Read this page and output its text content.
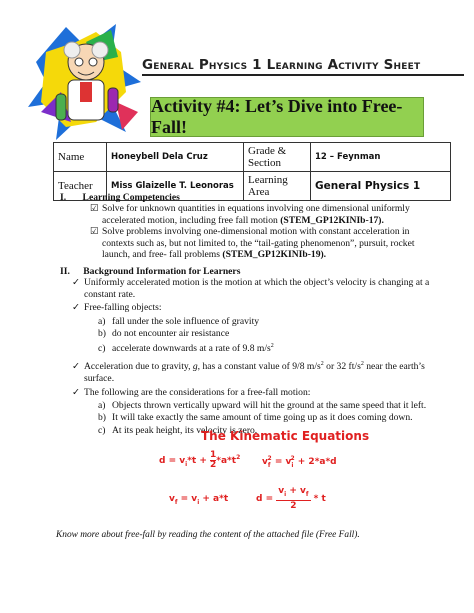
General Physics 1 Learning Activity Sheet
Activity #4: Let’s Dive into Free-Fall!
Name	Honeybell Dela Cruz	Grade & Section	12 – Feynman
Teacher	Miss Glaizelle T. Leonoras	Learning Area	General Physics 1
I. Learning Competencies
☑ Solve for unknown quantities in equations involving one dimensional uniformly
accelerated motion, including free fall motion (STEM_GP12KINIb-17).
☑ Solve problems involving one-dimensional motion with constant acceleration in
contexts such as, but not limited to, the “tail-gating phenomenon”, pursuit, rocket
launch, and free- fall problems (STEM_GP12KINIb-19).
II. Background Information for Learners
✓ Uniformly accelerated motion is the motion at which the object’s velocity is changing at a
constant rate.
✓ Free-falling objects:
a) fall under the sole influence of gravity
b) do not encounter air resistance
c) accelerate downwards at a rate of 9.8 $m/s^2$
✓ Acceleration due to gravity, g, has a constant value of 9/8 $m/s^2$ or 32 $ft/s^2$ near the earth’s
surface.
✓ The following are the considerations for a free-fall motion:
a) Objects thrown vertically upward will hit the ground at the same speed that it left.
b) It will take exactly the same amount of time going up as it does coming down.
c) At its peak height, its velocity is zero.
The Kinematic Equations
$d = v_i*t + \frac{1}{2} *a*t^2$ $v_f^2 = v_i^2 + 2*a*d$
$v_f = v_i + a*t$	$d = \frac{v_i + v_f}{2} * t$
Know more about free-fall by reading the content of the attached file (Free Fall).
